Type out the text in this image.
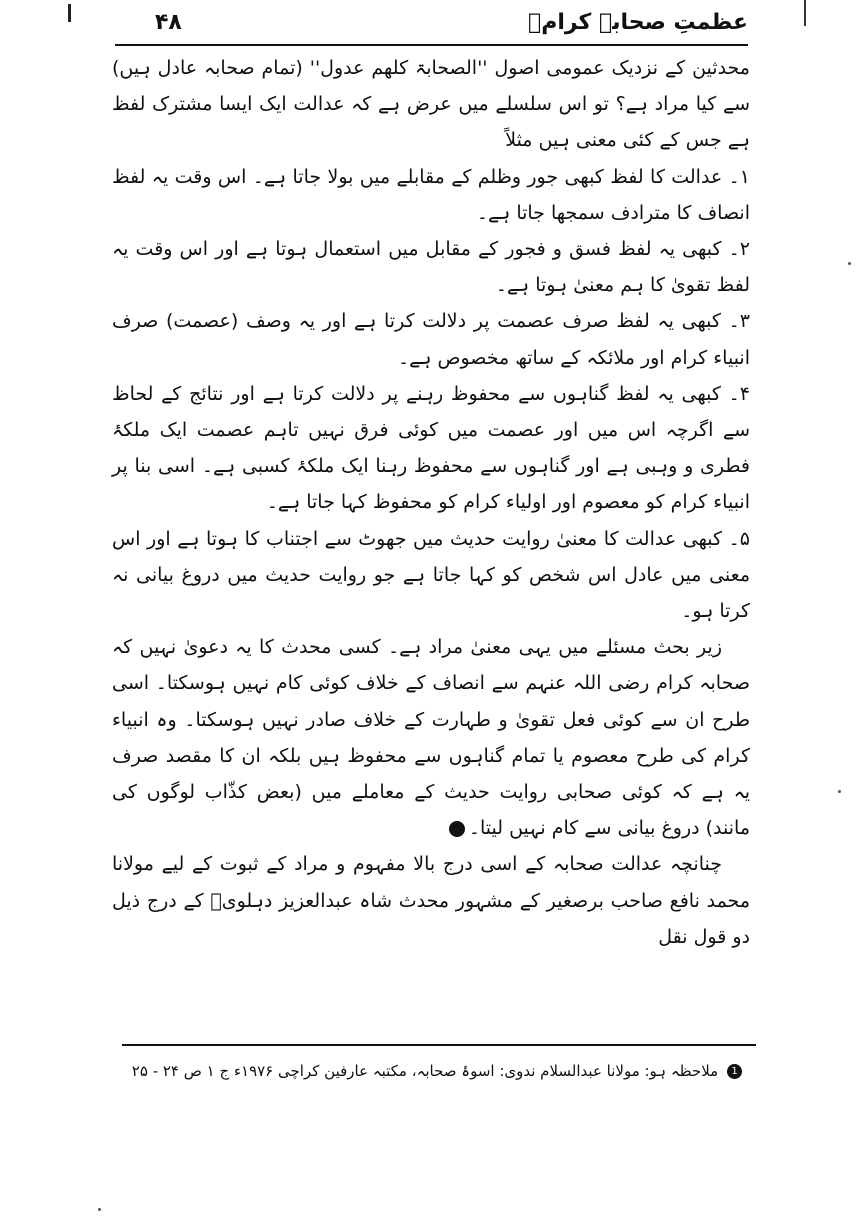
عظمتِ صحابہ کرامؓ
۴۸

محدثین کے نزدیک عمومی اصول ''الصحابۃ کلھم عدول'' (تمام صحابہ عادل ہیں) سے کیا مراد ہے؟ تو اس سلسلے میں عرض ہے کہ عدالت ایک ایسا مشترک لفظ ہے جس کے کئی معنی ہیں مثلاً

۱۔ عدالت کا لفظ کبھی جور وظلم کے مقابلے میں بولا جاتا ہے۔ اس وقت یہ لفظ انصاف کا مترادف سمجھا جاتا ہے۔

۲۔ کبھی یہ لفظ فسق و فجور کے مقابل میں استعمال ہوتا ہے اور اس وقت یہ لفظ تقویٰ کا ہم معنیٰ ہوتا ہے۔

۳۔ کبھی یہ لفظ صرف عصمت پر دلالت کرتا ہے اور یہ وصف (عصمت) صرف انبیاء کرام اور ملائکہ کے ساتھ مخصوص ہے۔

۴۔ کبھی یہ لفظ گناہوں سے محفوظ رہنے پر دلالت کرتا ہے اور نتائج کے لحاظ سے اگرچہ اس میں اور عصمت میں کوئی فرق نہیں تاہم عصمت ایک ملکۂ فطری و وہبی ہے اور گناہوں سے محفوظ رہنا ایک ملکۂ کسبی ہے۔ اسی بنا پر انبیاء کرام کو معصوم اور اولیاء کرام کو محفوظ کہا جاتا ہے۔

۵۔ کبھی عدالت کا معنیٰ روایت حدیث میں جھوٹ سے اجتناب کا ہوتا ہے اور اس معنی میں عادل اس شخص کو کہا جاتا ہے جو روایت حدیث میں دروغ بیانی نہ کرتا ہو۔

زیر بحث مسئلے میں یہی معنیٰ مراد ہے۔ کسی محدث کا یہ دعویٰ نہیں کہ صحابہ کرام رضی اللہ عنہم سے انصاف کے خلاف کوئی کام نہیں ہوسکتا۔ اسی طرح ان سے کوئی فعل تقویٰ و طہارت کے خلاف صادر نہیں ہوسکتا۔ وہ انبیاء کرام کی طرح معصوم یا تمام گناہوں سے محفوظ ہیں بلکہ ان کا مقصد صرف یہ ہے کہ کوئی صحابی روایت حدیث کے معاملے میں (بعض کذّاب لوگوں کی مانند) دروغ بیانی سے کام نہیں لیتا۔1

چنانچہ عدالت صحابہ کے اسی درج بالا مفہوم و مراد کے ثبوت کے لیے مولانا محمد نافع صاحب برصغیر کے مشہور محدث شاہ عبدالعزیز دہلویؒ کے درج ذیل دو قول نقل

1 ملاحظہ ہو: مولانا عبدالسلام ندوی: اسوۂ صحابہ، مکتبہ عارفین کراچی ۱۹۷۶ء ج ۱ ص ۲۴ - ۲۵
